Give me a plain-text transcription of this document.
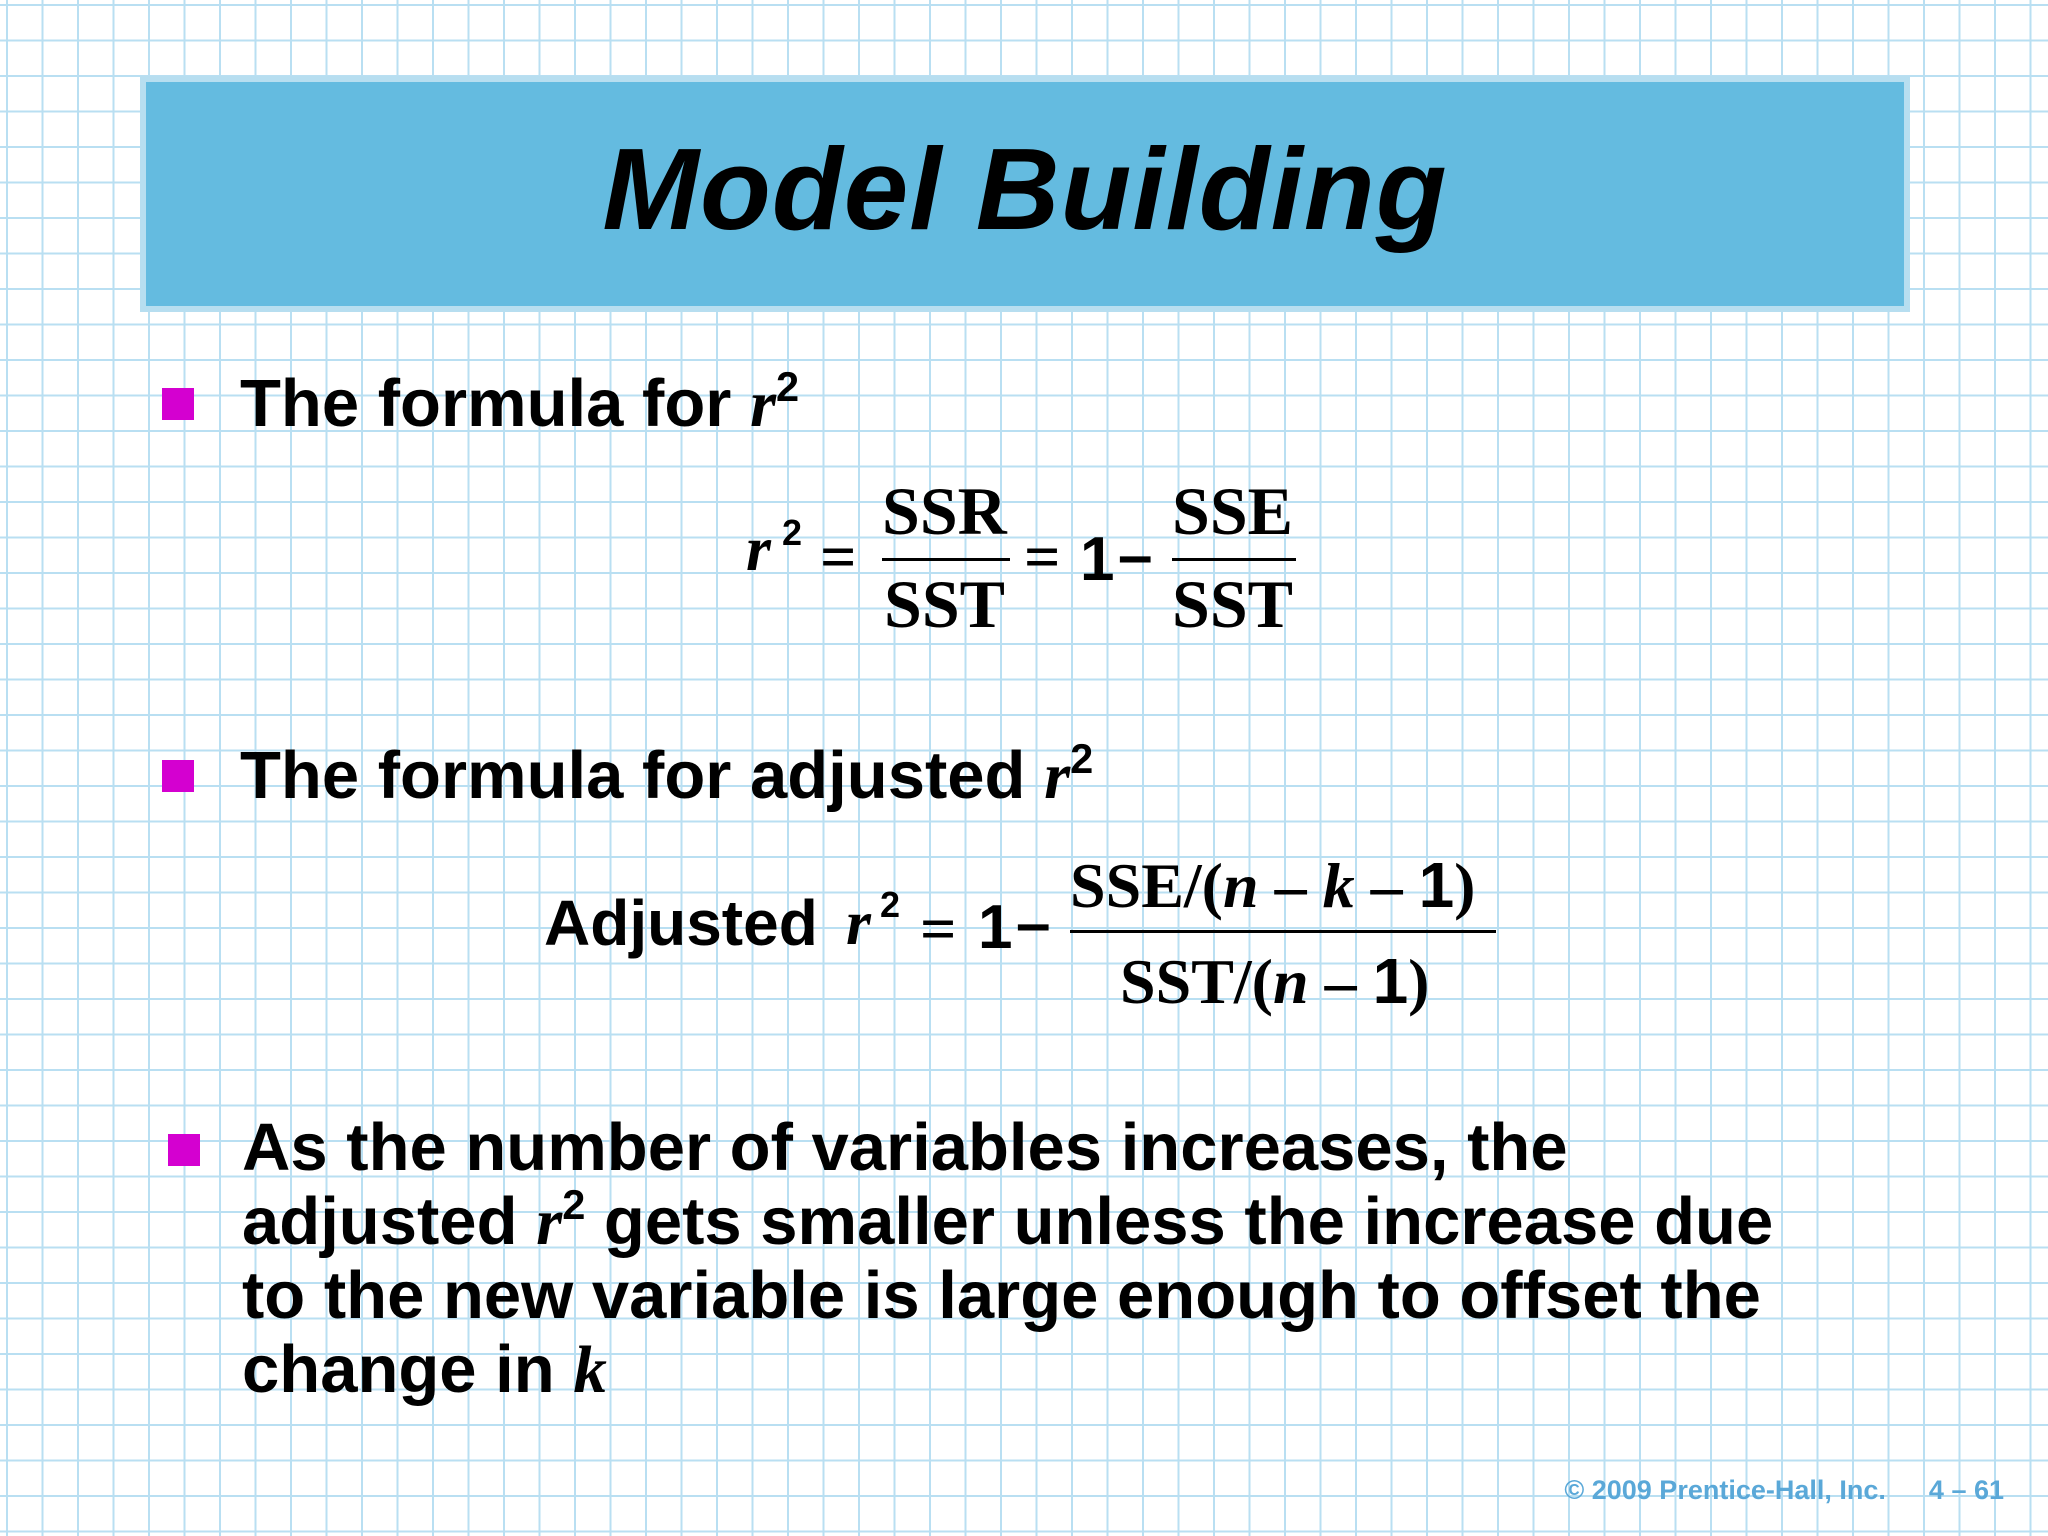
Model Building
The formula for $r^2$
r 2 =
SSR
SST
= 1 –
SSE
SST
The formula for adjusted $r^2$
Adjusted r 2 = 1 –
SSE/(n – k – 1)
SST/(n – 1)
As the number of variables increases, the
adjusted $r^2$ gets smaller unless the increase due
to the new variable is large enough to offset the
change in k
© 2009 Prentice-Hall, Inc. 4 – 61
